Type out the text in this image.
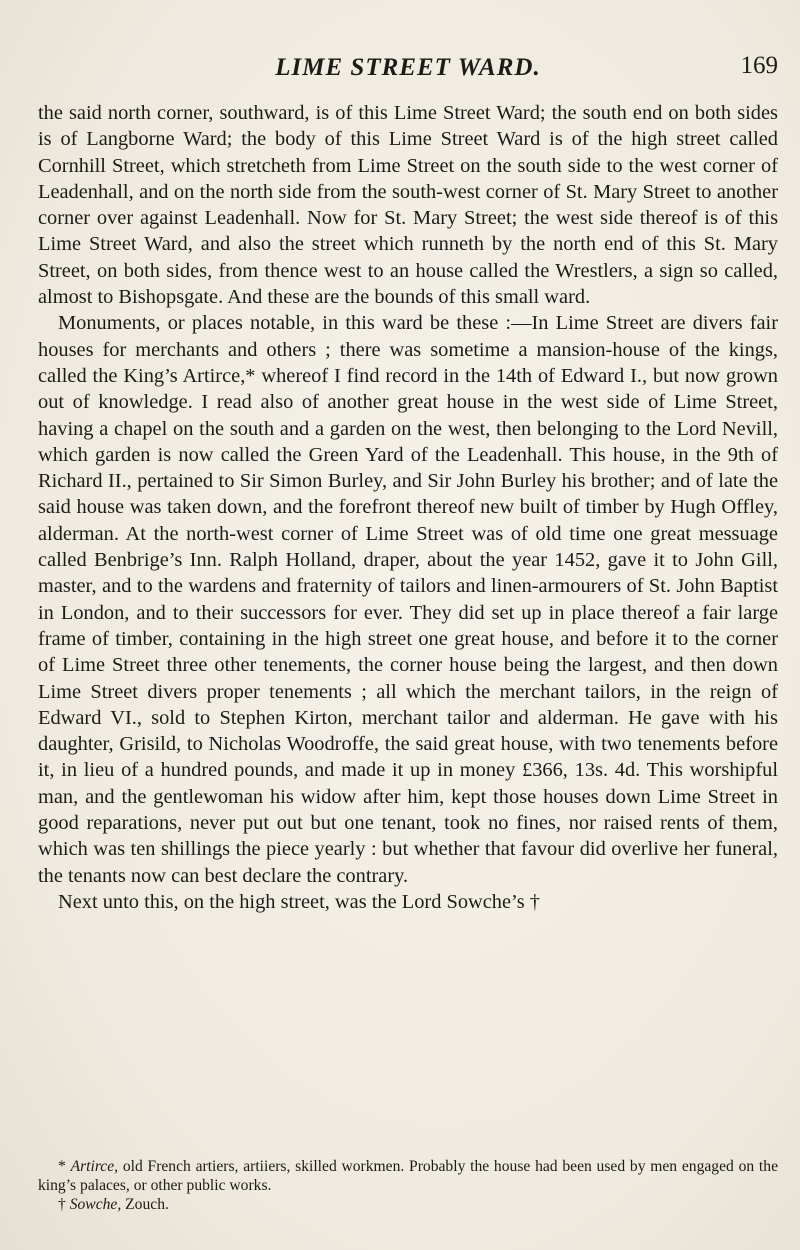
LIME STREET WARD.	169

the said north corner, southward, is of this Lime Street Ward; the south end on both sides is of Langborne Ward; the body of this Lime Street Ward is of the high street called Cornhill Street, which stretcheth from Lime Street on the south side to the west corner of Leadenhall, and on the north side from the south-west corner of St. Mary Street to another corner over against Leadenhall. Now for St. Mary Street; the west side thereof is of this Lime Street Ward, and also the street which runneth by the north end of this St. Mary Street, on both sides, from thence west to an house called the Wrestlers, a sign so called, almost to Bishopsgate. And these are the bounds of this small ward.

Monuments, or places notable, in this ward be these :—In Lime Street are divers fair houses for merchants and others ; there was sometime a mansion-house of the kings, called the King’s Artirce,* whereof I find record in the 14th of Edward I., but now grown out of knowledge. I read also of another great house in the west side of Lime Street, having a chapel on the south and a garden on the west, then belonging to the Lord Nevill, which garden is now called the Green Yard of the Leadenhall. This house, in the 9th of Richard II., pertained to Sir Simon Burley, and Sir John Burley his brother; and of late the said house was taken down, and the forefront thereof new built of timber by Hugh Offley, alderman. At the north-west corner of Lime Street was of old time one great messuage called Benbrige’s Inn. Ralph Holland, draper, about the year 1452, gave it to John Gill, master, and to the wardens and fraternity of tailors and linen-armourers of St. John Baptist in London, and to their successors for ever. They did set up in place thereof a fair large frame of timber, containing in the high street one great house, and before it to the corner of Lime Street three other tenements, the corner house being the largest, and then down Lime Street divers proper tenements ; all which the merchant tailors, in the reign of Edward VI., sold to Stephen Kirton, merchant tailor and alderman. He gave with his daughter, Grisild, to Nicholas Woodroffe, the said great house, with two tenements before it, in lieu of a hundred pounds, and made it up in money £366, 13s. 4d. This worshipful man, and the gentlewoman his widow after him, kept those houses down Lime Street in good reparations, never put out but one tenant, took no fines, nor raised rents of them, which was ten shillings the piece yearly : but whether that favour did overlive her funeral, the tenants now can best declare the contrary.

Next unto this, on the high street, was the Lord Sowche’s †

* Artirce, old French artiers, artiiers, skilled workmen. Probably the house had been used by men engaged on the king’s palaces, or other public works.

† Sowche, Zouch.
